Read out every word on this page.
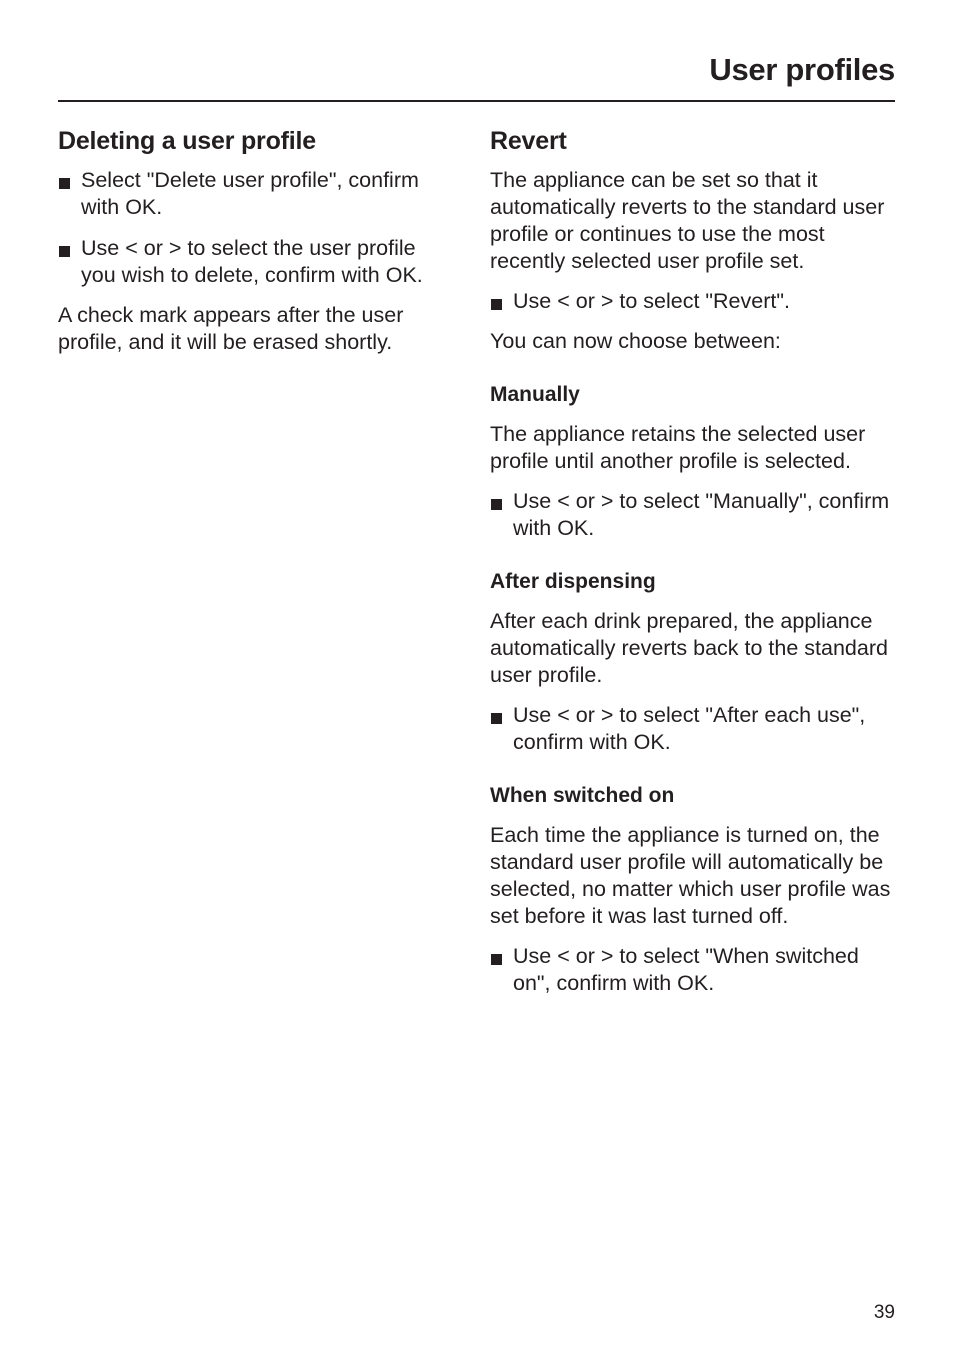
User profiles
Deleting a user profile
Select "Delete user profile", confirm with OK.
Use < or > to select the user profile you wish to delete, confirm with OK.

A check mark appears after the user profile, and it will be erased shortly.

Revert

The appliance can be set so that it automatically reverts to the standard user profile or continues to use the most recently selected user profile set.

Use < or > to select "Revert".

You can now choose between:

Manually

The appliance retains the selected user profile until another profile is selected.

Use < or > to select "Manually", confirm with OK.
After dispensing

After each drink prepared, the appliance automatically reverts back to the standard user profile.

Use < or > to select "After each use", confirm with OK.
When switched on

Each time the appliance is turned on, the standard user profile will automatically be selected, no matter which user profile was set before it was last turned off.

Use < or > to select "When switched on", confirm with OK.
39
